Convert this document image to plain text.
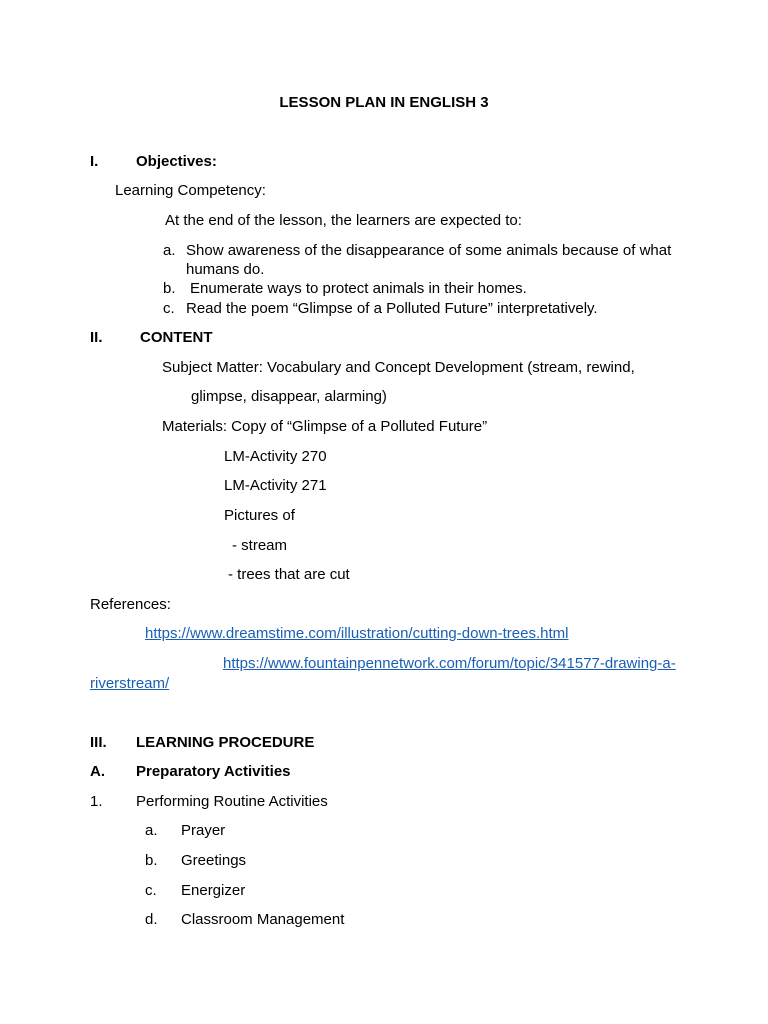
LESSON PLAN IN ENGLISH 3
I.	Objectives:
Learning Competency:
At the end of the lesson, the learners are expected to:
a. Show awareness of the disappearance of some animals because of what
humans do.
b. Enumerate ways to protect animals in their homes.
c. Read the poem “Glimpse of a Polluted Future” interpretatively.
II. CONTENT
Subject Matter: Vocabulary and Concept Development (stream, rewind,
glimpse, disappear, alarming)
Materials: Copy of “Glimpse of a Polluted Future”
LM-Activity 270
LM-Activity 271
Pictures of
- stream
- trees that are cut
References:
https://www.dreamstime.com/illustration/cutting-down-trees.html
https://www.fountainpennetwork.com/forum/topic/341577-drawing-a-
riverstream/
III. LEARNING PROCEDURE
A. Preparatory Activities
1. Performing Routine Activities
a. Prayer
b. Greetings
c. Energizer
d. Classroom Management
